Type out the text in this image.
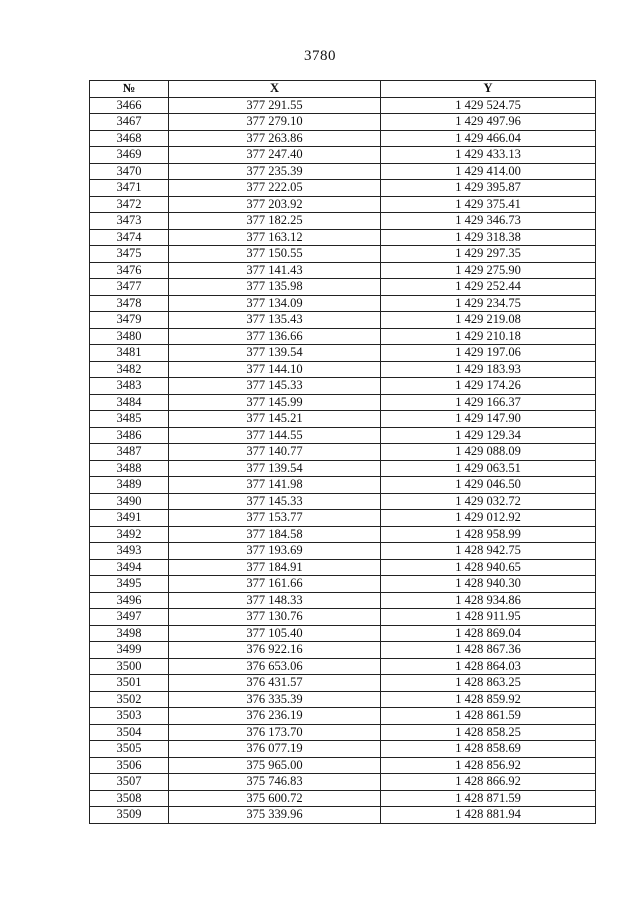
3780
№	X	Y
3466	377 291.55	1 429 524.75
3467	377 279.10	1 429 497.96
3468	377 263.86	1 429 466.04
3469	377 247.40	1 429 433.13
3470	377 235.39	1 429 414.00
3471	377 222.05	1 429 395.87
3472	377 203.92	1 429 375.41
3473	377 182.25	1 429 346.73
3474	377 163.12	1 429 318.38
3475	377 150.55	1 429 297.35
3476	377 141.43	1 429 275.90
3477	377 135.98	1 429 252.44
3478	377 134.09	1 429 234.75
3479	377 135.43	1 429 219.08
3480	377 136.66	1 429 210.18
3481	377 139.54	1 429 197.06
3482	377 144.10	1 429 183.93
3483	377 145.33	1 429 174.26
3484	377 145.99	1 429 166.37
3485	377 145.21	1 429 147.90
3486	377 144.55	1 429 129.34
3487	377 140.77	1 429 088.09
3488	377 139.54	1 429 063.51
3489	377 141.98	1 429 046.50
3490	377 145.33	1 429 032.72
3491	377 153.77	1 429 012.92
3492	377 184.58	1 428 958.99
3493	377 193.69	1 428 942.75
3494	377 184.91	1 428 940.65
3495	377 161.66	1 428 940.30
3496	377 148.33	1 428 934.86
3497	377 130.76	1 428 911.95
3498	377 105.40	1 428 869.04
3499	376 922.16	1 428 867.36
3500	376 653.06	1 428 864.03
3501	376 431.57	1 428 863.25
3502	376 335.39	1 428 859.92
3503	376 236.19	1 428 861.59
3504	376 173.70	1 428 858.25
3505	376 077.19	1 428 858.69
3506	375 965.00	1 428 856.92
3507	375 746.83	1 428 866.92
3508	375 600.72	1 428 871.59
3509	375 339.96	1 428 881.94
